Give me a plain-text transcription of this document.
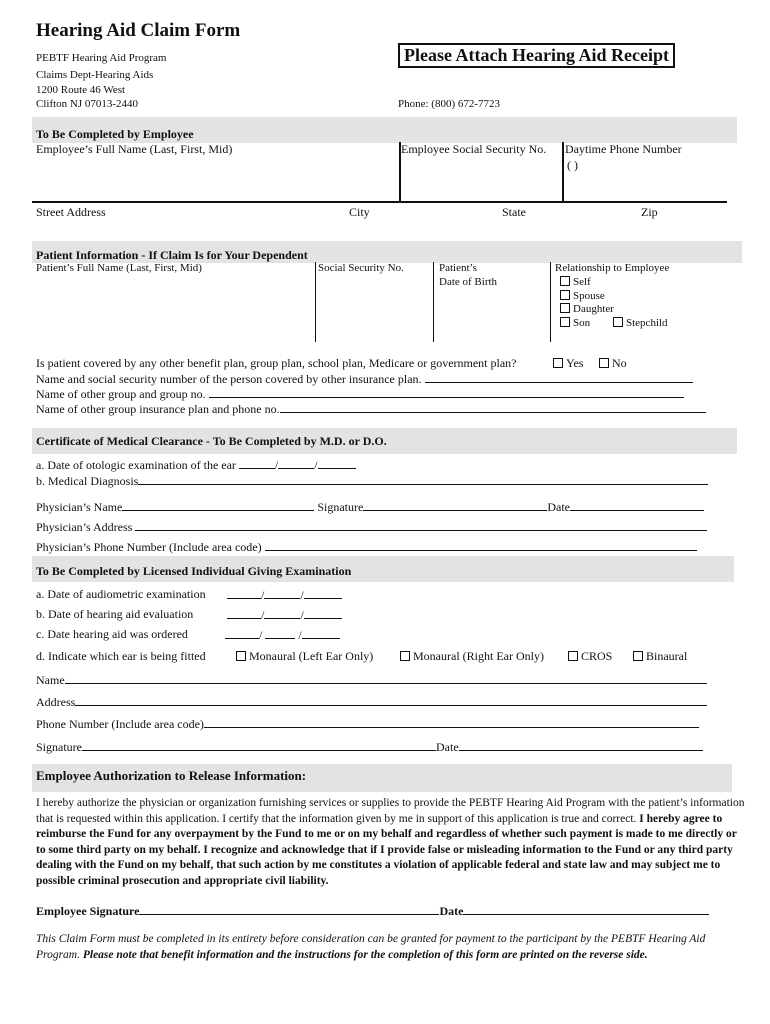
Hearing Aid Claim Form
PEBTF Hearing Aid Program
Claims Dept-Hearing Aids
1200 Route 46 West
Clifton NJ 07013-2440
Please Attach Hearing Aid Receipt
Phone: (800) 672-7723
To Be Completed by Employee
Employee’s Full Name (Last, First, Mid)	Employee Social Security No. Daytime Phone Number
( )
Street Address	City	State	Zip
Patient Information - If Claim Is for Your Dependent
Patient’s Full Name (Last, First, Mid)	Social Security No.	Patient’s
Date of Birth
Relationship to Employee
Self
Spouse
Daughter
Son	Stepchild
Is patient covered by any other benefit plan, group plan, school plan, Medicare or government plan?	Yes	No
Name and social security number of the person covered by other insurance plan.
Name of other group and group no.
Name of other group insurance plan and phone no.
Certificate of Medical Clearance - To Be Completed by M.D. or D.O.
a. Date of otologic examination of the ear	/	/
b. Medical Diagnosis
Physician’s Name	Signature	Date
Physician’s Address
Physician’s Phone Number (Include area code)
To Be Completed by Licensed Individual Giving Examination
a. Date of audiometric examination	/	/
b. Date of hearing aid evaluation	/	/
c. Date hearing aid was ordered	/	/
d. Indicate which ear is being fitted	Monaural (Left Ear Only)	Monaural (Right Ear Only)	CROS	Binaural
Name
Address
Phone Number (Include area code)
Signature	Date
Employee Authorization to Release Information:
I hereby authorize the physician or organization furnishing services or supplies to provide the PEBTF Hearing Aid Program with the patient’s information that is requested within this application. I certify that the information given by me in support of this application is true and correct. I hereby agree to reimburse the Fund for any overpayment by the Fund to me or on my behalf and regardless of whether such payment is made to me directly or to some third party on my behalf. I recognize and acknowledge that if I provide false or misleading information to the Fund or any third party dealing with the Fund on my behalf, that such action by me constitutes a violation of applicable federal and state law and may subject me to possible criminal prosecution and appropriate civil liability.
Employee Signature	Date
This Claim Form must be completed in its entirety before consideration can be granted for payment to the participant by the PEBTF Hearing Aid Program. Please note that benefit information and the instructions for the completion of this form are printed on the reverse side.
